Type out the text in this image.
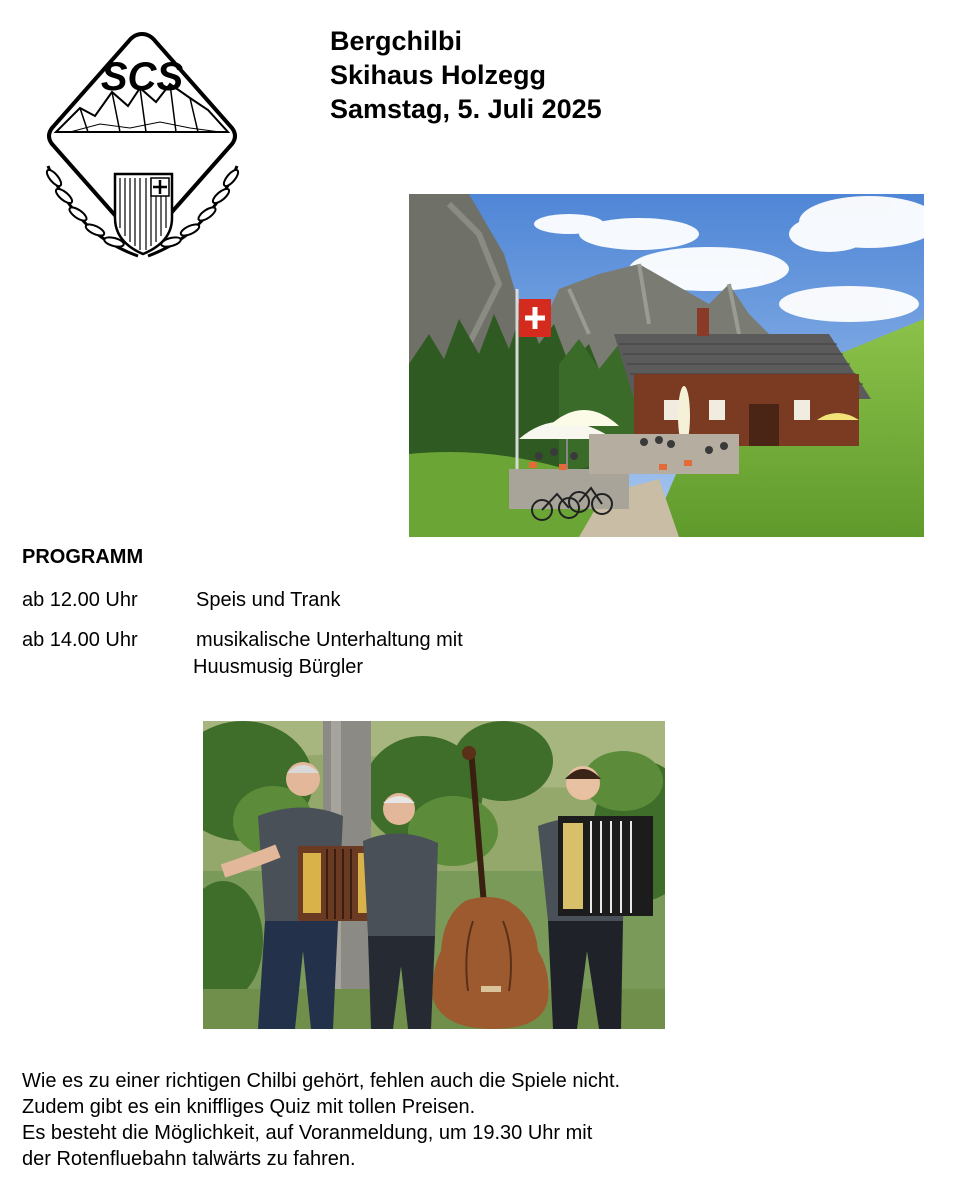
SCS
Bergchilbi
Skihaus Holzegg
Samstag, 5. Juli 2025
PROGRAMM
ab 12.00 Uhr	Speis und Trank
ab 14.00 Uhr	musikalische Unterhaltung mit
Huusmusig Bürgler
Wie es zu einer richtigen Chilbi gehört, fehlen auch die Spiele nicht.
Zudem gibt es ein kniffliges Quiz mit tollen Preisen.
Es besteht die Möglichkeit, auf Voranmeldung, um 19.30 Uhr mit
der Rotenfluebahn talwärts zu fahren.
